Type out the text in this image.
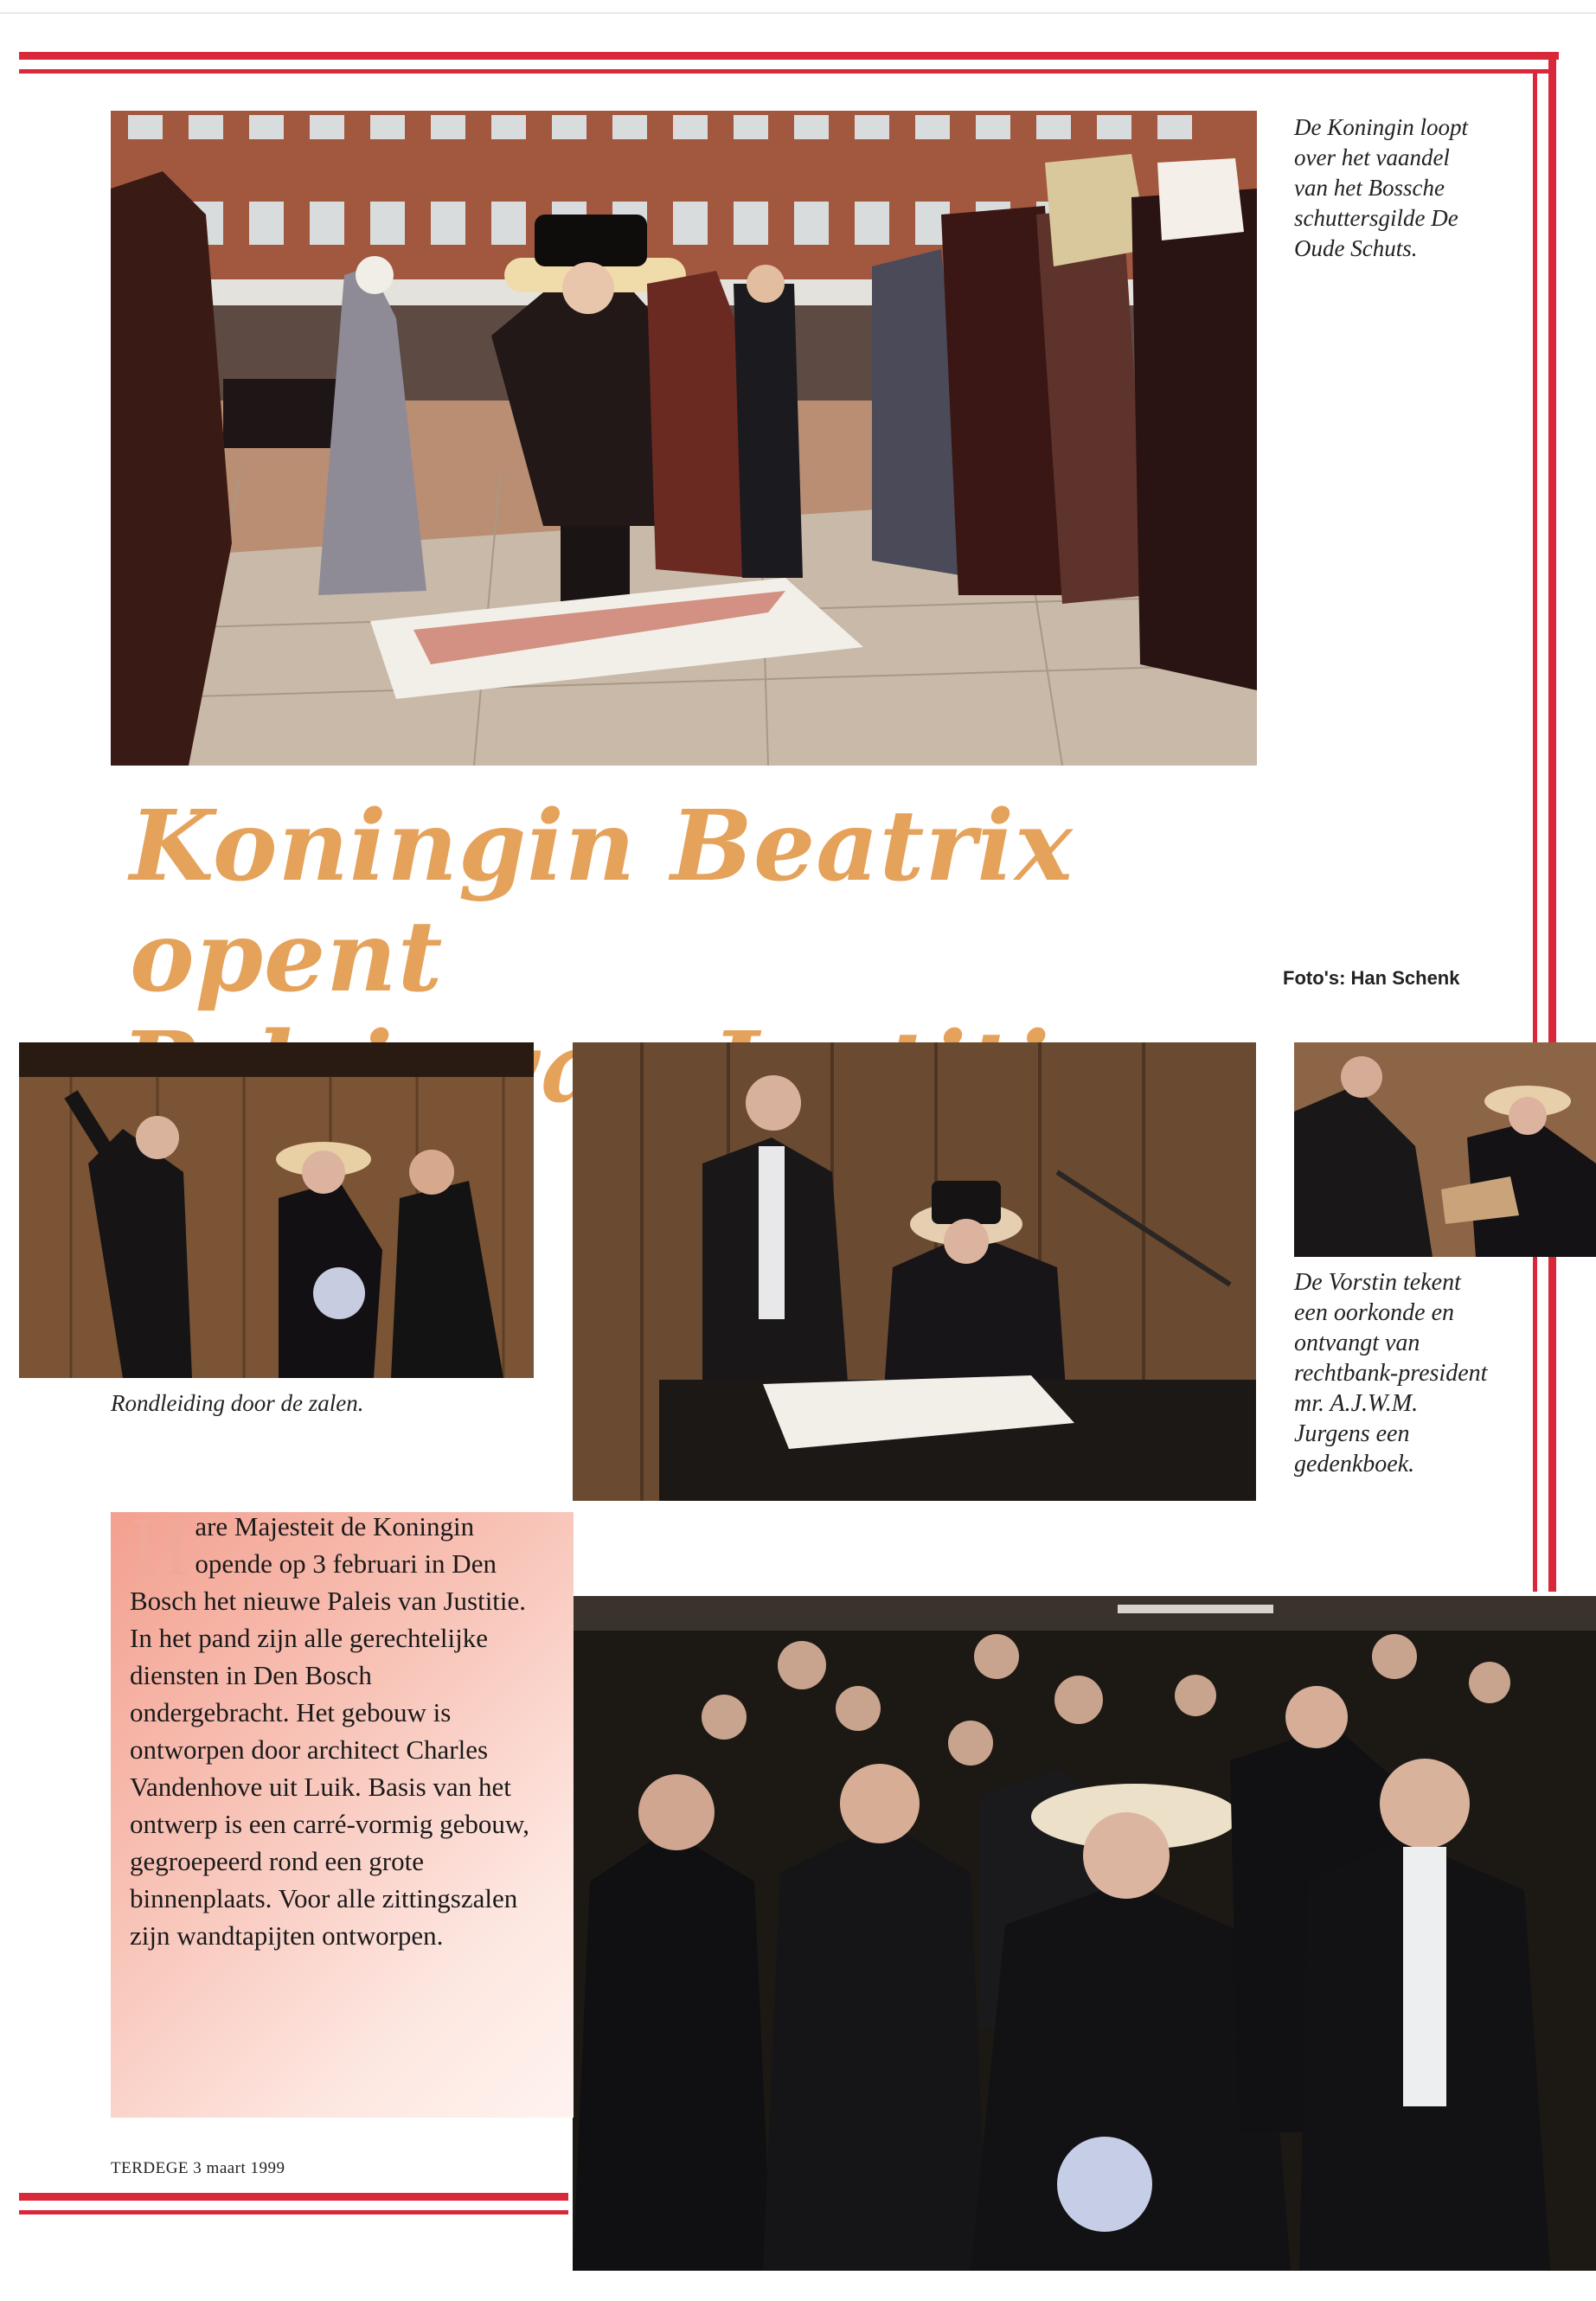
De Koningin loopt over het vaandel van het Bossche schuttersgilde De Oude Schuts.
Koningin Beatrix opent	Foto's: Han Schenk
Rondleiding door de zalen.
De Vorstin tekent een oorkonde en ontvangt van rechtbank-president mr. A.J.W.M. Jurgens een gedenkboek.
Hare Majesteit de Koningin opende op 3 februari in Den Bosch het nieuwe Paleis van Justitie. In het pand zijn alle gerechtelijke diensten in Den Bosch ondergebracht. Het gebouw is ontworpen door architect Charles Vandenhove uit Luik. Basis van het ontwerp is een carré-vormig gebouw, gegroepeerd rond een grote binnenplaats. Voor alle zittingszalen zijn wandtapijten ontworpen.
TERDEGE 3 maart 1999
